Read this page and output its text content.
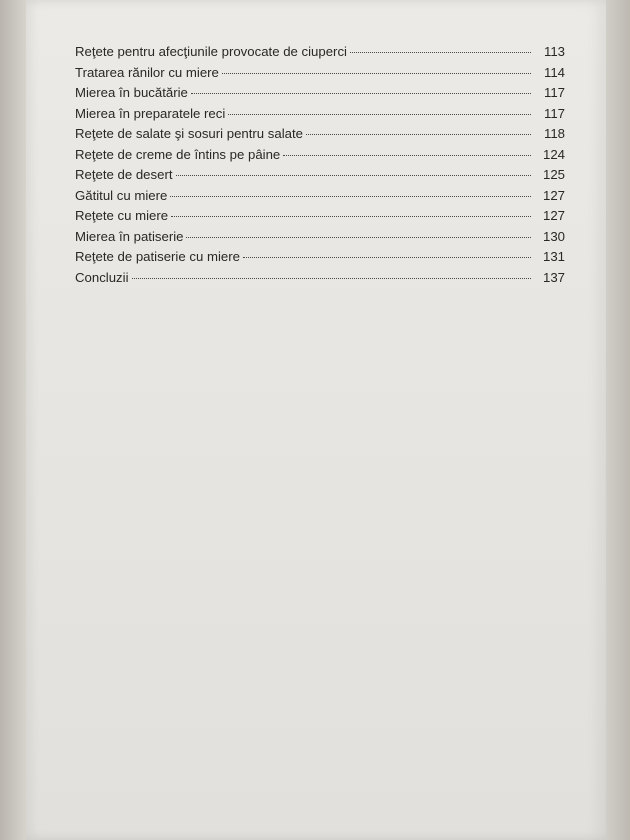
Reţete pentru afecţiunile provocate de ciuperci	113
Tratarea rănilor cu miere	114
Mierea în bucătărie	117
Mierea în preparatele reci	117
Reţete de salate şi sosuri pentru salate	118
Reţete de creme de întins pe pâine	124
Reţete de desert	125
Gătitul cu miere	127
Reţete cu miere	127
Mierea în patiserie	130
Reţete de patiserie cu miere	131
Concluzii	137
